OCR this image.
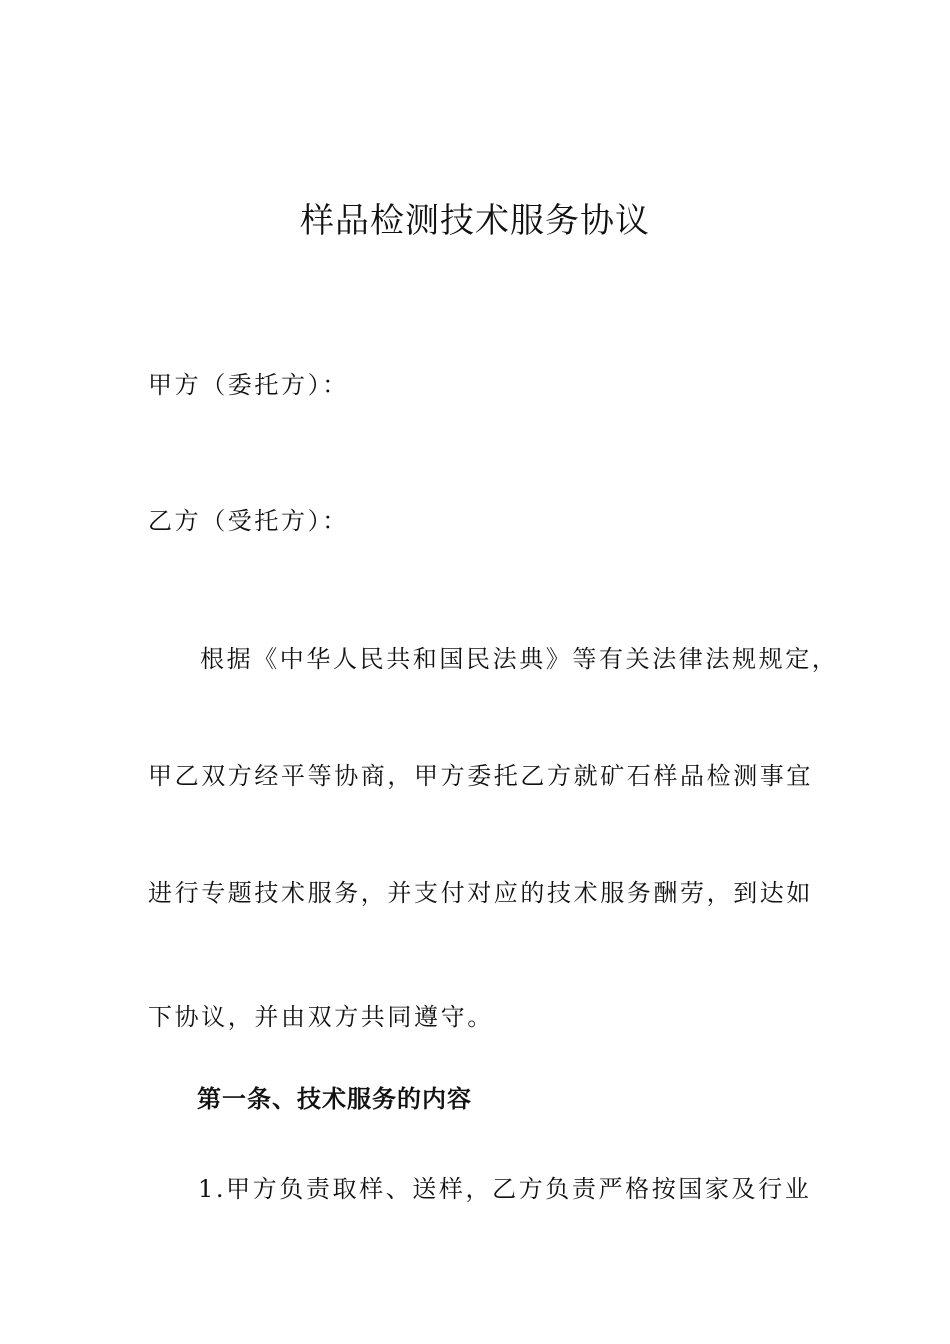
样品检测技术服务协议
甲方（委托方）：
乙方（受托方）：
根据《中华人民共和国民法典》等有关法律法规规定，
甲乙双方经平等协商，甲方委托乙方就矿石样品检测事宜
进行专题技术服务，并支付对应的技术服务酬劳，到达如
下协议，并由双方共同遵守。
第一条、技术服务的内容
1.甲方负责取样、送样，乙方负责严格按国家及行业
